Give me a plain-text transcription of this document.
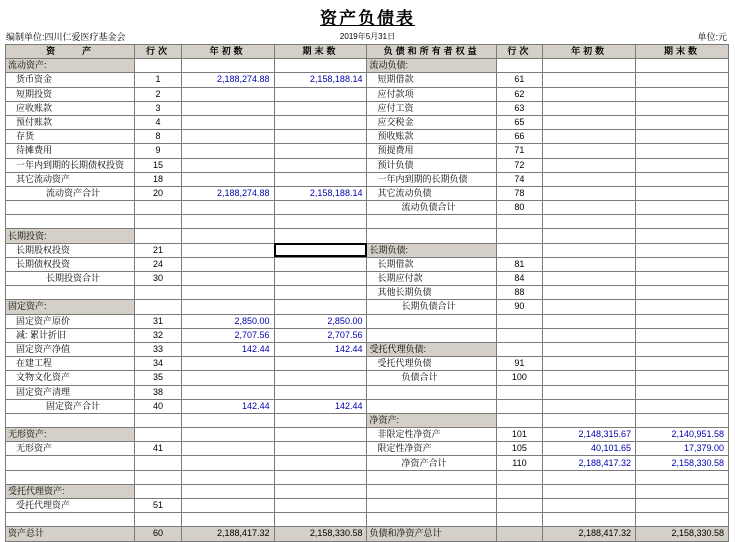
资产负债表
编制单位:四川仁爱医疗基金会	2019年5月31日	单位:元
资　　产	行次	年初数	期末数	负债和所有者权益	行次	年初数	期末数
流动资产:				流动负债:			
货币资金	1	2,188,274.88	2,158,188.14	短期借款	61		
短期投资	2			应付款项	62		
应收账款	3			应付工资	63		
预付账款	4			应交税金	65		
存货	8			预收账款	66		
待摊费用	9			预提费用	71		
一年内到期的长期债权投资	15			预计负债	72		
其它流动资产	18			一年内到期的长期负债	74		
流动资产合计	20	2,188,274.88	2,158,188.14	其它流动负债	78		
				流动负债合计	80		

长期投资:							
长期股权投资	21			长期负债:			
长期债权投资	24			长期借款	81		
长期投资合计	30			长期应付款	84		
				其他长期负债	88		
固定资产:				长期负债合计	90		
固定资产原价	31	2,850.00	2,850.00				
减: 累计折旧	32	2,707.56	2,707.56				
固定资产净值	33	142.44	142.44	受托代理负债:			
在建工程	34			受托代理负债	91		
文物文化资产	35			负债合计	100		
固定资产清理	38						
固定资产合计	40	142.44	142.44				
				净资产:			
无形资产:				非限定性净资产	101	2,148,315.67	2,140,951.58
无形资产	41			限定性净资产	105	40,101.65	17,379.00
				净资产合计	110	2,188,417.32	2,158,330.58

受托代理资产:							
受托代理资产	51						

资产总计	60	2,188,417.32	2,158,330.58	负债和净资产总计		2,188,417.32	2,158,330.58
